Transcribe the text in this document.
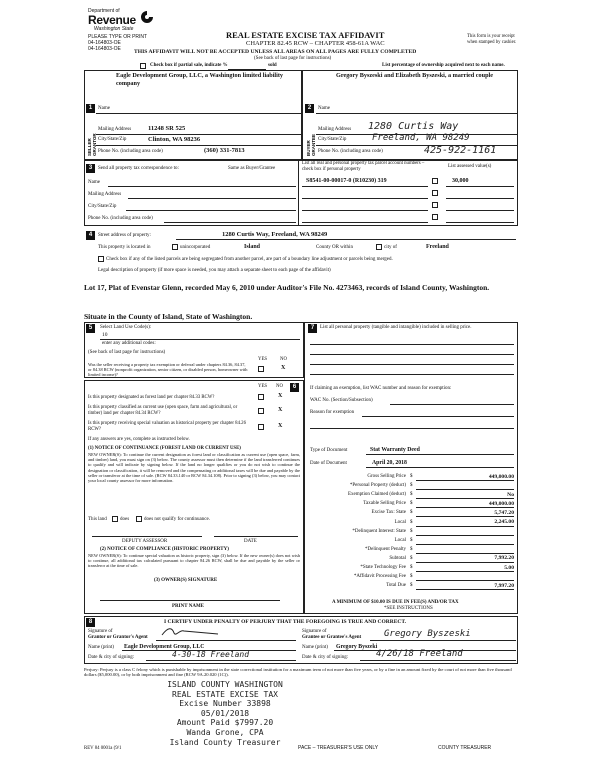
Department of
Revenue
Washington State
PLEASE TYPE OR PRINT
04-164803-OE
04-164803-OE
REAL ESTATE EXCISE TAX AFFIDAVIT
CHAPTER 82.45 RCW – CHAPTER 458-61A WAC
This form is your receipt
when stamped by cashier.
THIS AFFIDAVIT WILL NOT BE ACCEPTED UNLESS ALL AREAS ON ALL PAGES ARE FULLY COMPLETED
(See back of last page for instructions)
Check box if partial sale, indicate %	sold	List percentage of ownership acquired next to each name.
1
SELLER GRANTOR
Name
Eagle Development Group, LLC, a Washington limited liability company
Mailing Address	11248 SR 525
City/State/Zip	Clinton, WA 98236
Phone No. (including area code)	(360) 331-7813
2
BUYER GRANTEE
Name
Gregory Byszeski and Elizabeth Byszeski, a married couple
Mailing Address 1280 Curtis Way
City/State/Zip	Freeland, WA 98249
Phone No. (including area code)	425-922-1161
3	Send all property tax correspondence to:	Same as Buyer/Grantee
Name
Mailing Address
City/State/Zip
Phone No. (including area code)
List all real and personal property tax parcel account numbers – check box if personal property
List assessed value(s)
S8541-00-00017-0 (R10230) 319	30,000
4	Street address of property:	1280 Curtis Way, Freeland, WA 98249
This property is located in	unincorporated	Island	County OR within	city of	Freeland
Check box if any of the listed parcels are being segregated from another parcel, are part of a boundary line adjustment or parcels being merged.
Legal description of property (if more space is needed, you may attach a separate sheet to each page of the affidavit)
Lot 17, Plat of Evenstar Glenn, recorded May 6, 2010 under Auditor's File No. 4273463, records of Island County, Washington.
Situate in the County of Island, State of Washington.
5	Select Land Use Code(s):
10
enter any additional codes:
(See back of last page for instructions)
YES	NO
Was the seller receiving a property tax exemption or deferral under chapters 84.36, 84.37, or 84.38 RCW (nonprofit organization, senior citizen, or disabled person, homeowner with limited income)?
X
6
YES NO
Is this property designated as forest land per chapter 84.33 RCW?	X
Is this property classified as current use (open space, farm and agricultural, or timber) land per chapter 84.34 RCW?
X
Is this property receiving special valuation as historical property per chapter 84.26 RCW?
X
If any answers are yes, complete as instructed below.
(1) NOTICE OF CONTINUANCE (FOREST LAND OR CURRENT USE)
NEW OWNER(S): To continue the current designation as forest land or classification as current use (open space, farm, and timber) land, you must sign on (3) below. The county assessor must then determine if the land transferred continues to qualify and will indicate by signing below. If the land no longer qualifies or you do not wish to continue the designation or classification, it will be removed and the compensating or additional taxes will be due and payable by the seller or transferor at the time of sale. (RCW 84.33.140 or RCW 84.34.108). Prior to signing (3) below, you may contact your local county assessor for more information.
This land	does	does not qualify for continuance.
DEPUTY ASSESSOR	DATE
(2) NOTICE OF COMPLIANCE (HISTORIC PROPERTY)
NEW OWNER(S): To continue special valuation as historic property, sign (3) below. If the new owner(s) does not wish to continue, all additional tax calculated pursuant to chapter 84.26 RCW, shall be due and payable by the seller or transferor at the time of sale.
(3) OWNER(S) SIGNATURE
PRINT NAME
7	List all personal property (tangible and intangible) included in selling price.
If claiming an exemption, list WAC number and reason for exemption:
WAC No. (Section/Subsection)
Reason for exemption
Type of Document	Stat Warranty Deed
Date of Document	April 20, 2018
Gross Selling Price $	449,000.00
*Personal Property (deduct) $
Exemption Claimed (deduct) $	No
Taxable Selling Price $	449,000.00
Excise Tax: State $	5,747.20
Local $	2,245.00
*Delinquent Interest: State $
Local $
*Delinquent Penalty $
Subtotal $	7,992.20
*State Technology Fee $	5.00
*Affidavit Processing Fee $
Total Due $	7,997.20
A MINIMUM OF $10.00 IS DUE IN FEE(S) AND/OR TAX
*SEE INSTRUCTIONS
8	I CERTIFY UNDER PENALTY OF PERJURY THAT THE FOREGOING IS TRUE AND CORRECT.
Signature of
Grantor or Grantor's Agent
Signature of
Grantee or Grantee's Agent	Gregory Byszeski
Name (print) Eagle Development Group, LLC	Name (print) Gregory Byszeki
Date & city of signing:	4-30-18 Freeland	Date & city of signing:	4/26/18 Freeland
Perjury: Perjury is a class C felony which is punishable by imprisonment in the state correctional institution for a maximum term of not more than five years, or by a fine in an amount fixed by the court of not more than five thousand dollars ($5,000.00), or by both imprisonment and fine (RCW 9A.20.020 (1C)).
ISLAND COUNTY WASHINGTON
REAL ESTATE EXCISE TAX
Excise Number 33898
05/01/2018
Amount Paid $7997.20
Wanda Grone, CPA
Island County Treasurer
REV 84 0001a (9/1	PACE – TREASURER'S USE ONLY	COUNTY TREASURER
